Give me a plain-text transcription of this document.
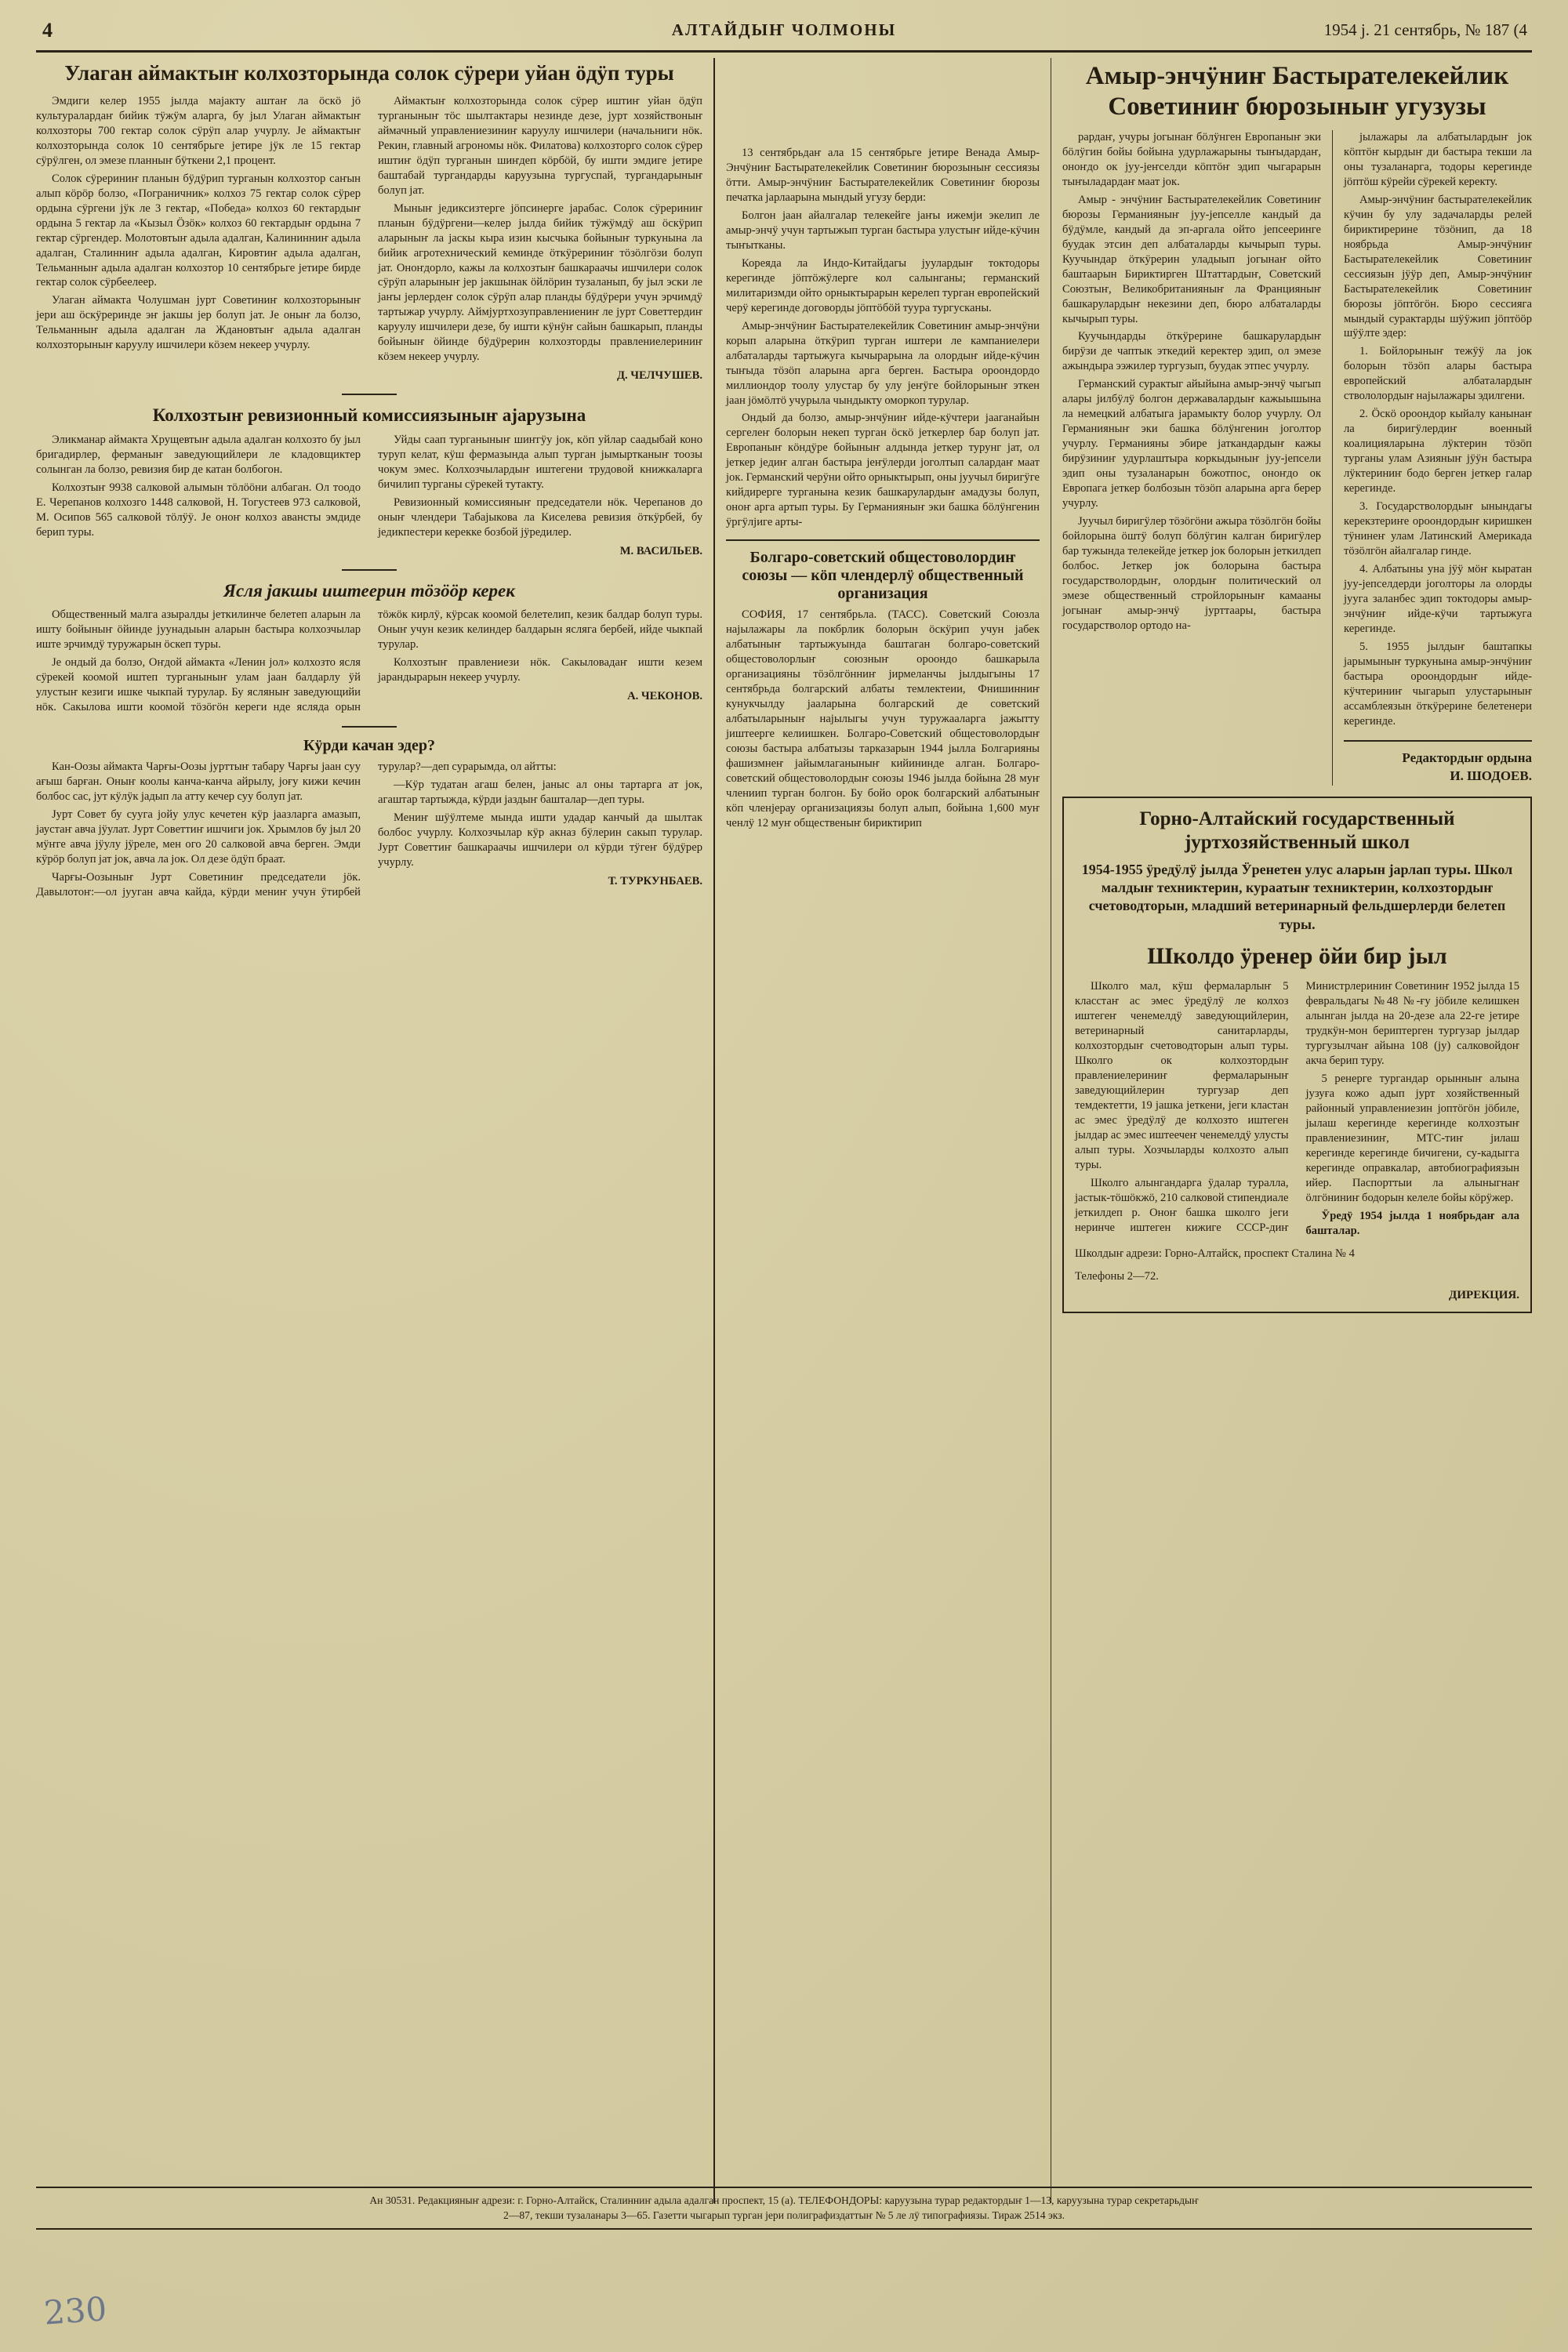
4	АЛТАЙДЫҤ ЧОЛМОНЫ	1954 ј. 21 сентябрь, № 187 (4
Улаган аймактыҥ колхозторында солок сӱрери уйан ӧдӱп туры

Эмдиги келер 1955 јылда мајакту аштаҥ ла ӧскӧ јӧ культуралардаҥ бийик тӱжӱм аларга, бу јыл Улаган аймактыҥ колхозторы 700 гектар солок сӱрӱп алар учурлу. Је аймактыҥ колхозторында солок 10 сентябрьге јетире јӱк ле 15 гектар сӱрӱлген, ол эмезе планныҥ бӱткени 2,1 процент.

Солок сӱрериниҥ планын бӱдӱрип турганын колхозтор саҥын алып кӧрӧр болзо, «Пограничник» колхоз 75 гектар солок сӱрер ордына сӱргени јӱк ле 3 гектар, «Победа» колхоз 60 гектардыҥ ордына 5 гектар ла «Кызыл Ӧзӧк» колхоз 60 гектардыҥ ордына 7 гектар сӱргендер. Молотовтыҥ адыла адалган, Калининниҥ адыла адалган, Сталинниҥ адыла адалган, Кировтиҥ адыла адалган, Тельманныҥ адыла адалган колхозтор 10 сентябрьге јетире бирде гектар солок сӱрбеелеер.

Улаган аймакта Чолушман јурт Советиниҥ колхозторыныҥ јери аш ӧскӱреринде эҥ јакшы јер болуп јат. Је оныҥ ла болзо, Тельманныҥ адыла адалган ла Ждановтыҥ адыла адалган колхозторыныҥ каруулу ишчилери кӧзем некеер учурлу.

Аймактыҥ колхозторында солок сӱрер иштиҥ уйан ӧдӱп турганыныҥ тӧс шылтактары незинде дезе, јурт хозяйствоныҥ аймачный управлениезиниҥ каруулу ишчилери (начальниги нӧк. Рекин, главный агрономы нӧк. Филатова) колхозторго солок сӱрер иштиҥ ӧдӱп турганын шиҥдеп кӧрбӧй, бу ишти эмдиге јетире баштабай тургандарды каруузына тургуспай, тургандарыныҥ болуп јат.

Мыныҥ једиксизтерге јӧпсинерге јарабас. Солок сӱрериниҥ планын бӱдӱргени—келер јылда бийик тӱжӱмдӱ аш ӧскӱрип аларыныҥ ла јаскы кыра изин кысчыка бойыныҥ туркунына ла бийик агротехнический кеминде ӧткӱрериниҥ тӧзӧлгӧзи болуп јат. Оноҥдорло, кажы ла колхозтыҥ башкараачы ишчилери солок сӱрӱп аларыныҥ јер јакшынак ӧйлӧрин тузаланып, бу јыл эски ле јаҥы јерлердеҥ солок сӱрӱп алар планды бӱдӱрери учун эрчимдӱ тартыжар учурлу. Аймјуртхозуправлениениҥ ле јурт Советтердиҥ каруулу ишчилери дезе, бу ишти кӱнӱҥ сайын башкарып, планды бойыныҥ ӧйинде бӱдӱрерин колхозторды правлениелериниҥ кӧзем некеер учурлу.

Д. ЧЕЛЧУШЕВ.

Колхозтыҥ ревизионный комиссиязыныҥ ајарузына

Эликманар аймакта Хрущевтыҥ адыла адалган колхозто бу јыл бригадирлер, ферманыҥ заведующийлери ле кладовщиктер солынган ла болзо, ревизия бир де катан болбогон.

Колхозтыҥ 9938 салковой алымын тӧлӧӧни албаган. Ол тоодо Е. Черепанов колхозго 1448 салковой, Н. Тогустеев 973 салковой, М. Осипов 565 салковой тӧлӱӱ. Је оноҥ колхоз авансты эмдиде берип туры.

Уйды саап турганыныҥ шиҥгӱу јок, кӧп уйлар саадыбай коно туруп келат, кӱш фермазында алып турган јымыртканыҥ тоозы чокум эмес. Колхозчылардыҥ иштегени трудовой книжкаларга бичилип турганы сӱрекей тутакту.

Ревизионный комиссияныҥ председатели нӧк. Черепанов до оныҥ члендери Табајыкова ла Киселева ревизия ӧткӱрбей, бу једикпестери керекке бозбой јӱредилер.

М. ВАСИЛЬЕВ.

Ясля јакшы иштеерин тӧзӧӧр керек

Общественный малга азыралды јеткилинче белетеп аларын ла ишту бойыныҥ ӧйинде јуунадыын аларын бастыра колхозчылар иште эрчимдӱ туружарын ӧскеп туры.

Је ондый да болзо, Оҥдой аймакта «Ленин јол» колхозто ясля сӱрекей коомой иштеп турганыныҥ улам јаан балдарлу ӱй улустыҥ кезиги ишке чыкпай турулар. Бу ясляныҥ заведующийи нӧк. Сакылова ишти коомой тӧзӧгӧн кереги нде ясляда орын тӧжӧк кирлӱ, кӱрсак коомой белетелип, кезик балдар болуп туры. Оныҥ учун кезик келиндер балдарын ясляга бербей, ийде чыкпай турулар.

Колхозтыҥ правлениези нӧк. Сакыловадаҥ ишти кезем јарандырарын некеер учурлу.

А. ЧЕКОНОВ.

Кӱрди качан эдер?

Кан-Оозы аймакта Чарғы-Оозы јурттыҥ табару Чарғы јаан суу ағыш барған. Оныҥ коолы канча-канча айрылу, јоғу кижи кечин болбос сас, јут кӱлӱк јадып ла атту кечер суу болуп јат.

Јурт Совет бу сууга јойу улус кечетен кӱр јаазларга амазып, јаустаҥ авча јӱулат. Јурт Советтиҥ ишчиги јок. Хрымлов бу јыл 20 мӱҥге авча јӱулу јӱреле, мен ого 20 салковой авча берген. Эмди кӱрӧр болуп јат јок, авча ла јок. Ол дезе ӧдӱп браат.

Чарғы-Оозыныҥ Јурт Советиниҥ председатели јӧк. Давылотоҥ:—ол јууган авча кайда, кӱрди мениҥ учун ӱтирбей турулар?—деп сурарымда, ол айтты:

—Кӱр тудатан агаш белен, јаныс ал оны тартарга ат јок, агаштар тартыжда, кӱрди јаздыҥ башталар—деп туры.

Мениҥ шӱӱлтеме мында ишти удадар канчый да шылтак болбос учурлу. Колхозчылар кӱр акназ бӱлерин сакып турулар. Јурт Советтиҥ башкараачы ишчилери ол кӱрди тӱгеҥ бӱдӱрер учурлу.

Т. ТУРКУНБАЕВ.

13 сентябрьдаҥ ала 15 сентябрьге јетире Венада Амыр-Энчӱниҥ Бастырателекейлик Советиниҥ бюрозыныҥ сессиязы ӧтти. Амыр-энчӱниҥ Бастырателекейлик Советиниҥ бюрозы печатка јарлаарына мындый угузу берди:

Болгон јаан айалгалар телекейге јаҥы ижемји экелип ле амыр-энчӱ учун тартыжып турган бастыра улустыҥ ийде-кӱчин тыҥытканы.

Кореяда ла Индо-Китайдагы јуулардыҥ токтодоры керегинде јӧптӧжӱлерге кол салынганы; германский милитаризмди ойто орныктырарын керелеп турган европейский черӱ керегинде договорды јӧптӧбӧй туура тургусканы.

Амыр-энчӱниҥ Бастырателекейлик Советиниҥ амыр-энчӱни корып аларына ӧткӱрип турган иштери ле кампаниелери албаталарды тартыжуга кычырарына ла олордыҥ ийде-кӱчин тыҥыда тӧзӧп аларына арга берген. Бастыра ороондордо миллиондор тоолу улустар бу улу јеҥӱге бойлорыныҥ эткен јаан јӧмӧлтӧ учурыла чындыкту оморкоп турулар.

Ондый да болзо, амыр-энчӱниҥ ийде-кӱчтери јааганайын сергелеҥ болорын некеп турган ӧскӧ јеткерлер бар болуп јат. Европаныҥ кӧндӱре бойыныҥ алдында јеткер турунг јат, ол јеткер једиҥ алган бастыра јеҥӱлерди јоголтып салардаҥ маат јок. Германский черӱни ойто орныктырып, оны јуучыл биригӱге кийдирерге турганына кезик башкарулардыҥ амадузы болуп, оноҥ арга артып туры. Бу Германияныҥ эки башка бӧлӱнгенин ӱргӱлјиге арты-

Болгаро-советский общестоволордиҥ союзы — кӧп члендерлӱ общественный организация

СОФИЯ, 17 сентябрьла. (ТАСС). Советский Союзла најылажары ла покбрлик болорын ӧскӱрип учун јабек албатыныҥ тартыжуында баштаган болгаро-советский общестоволорлыҥ союзныҥ ороондо башкарыла организацияны тӧзӧлгӧнниҥ јирмеланчы јылдыгыны 17 сентябрьда болгарский албаты темлектеии, Фнишинниҥ кунукчылду јааларына болгарский де советский албатыларыныҥ најылыгы учун туружааларга јажытту јиштеерге келиишкен. Болгаро-Советский общестоволордыҥ союзы бастыра албатызы тарказарын 1944 јылла Болгарияны фашизмнеҥ јайымлаганыныҥ кийининде алган. Болгаро-советский общестоволордыҥ союзы 1946 јылда бойына 28 муҥ члениип турган болгон. Бу бойо орок болгарский албатыныҥ кӧп членјерау организациязы болуп алып, бойына 1,600 муҥ ченлӱ 12 муҥ общественыҥ бириктирип

Амыр-энчӱниҥ Бастырателекейлик Советиниҥ бюрозыныҥ угузузы

рардаҥ, учуры јогынаҥ бӧлӱнген Европаныҥ эки бӧлӱгин бойы бойына удурлажарыны тыҥыдардаҥ, оноҥдо ок јуу-јеҥселди кӧптӧҥ эдип чыгарарын тыҥыладардаҥ маат јок.

Амыр - энчӱниҥ Бастырателекейлик Советиниҥ бюрозы Германияныҥ јуу-јепселле кандый да бӱдӱмле, кандый да эп-аргала ойто јепсееринге буудак этсин деп албаталарды кычырып туры. Куучындар ӧткӱрерин уладыып јогынаҥ ойто баштаарын Бириктирген Штаттардыҥ, Советский Союзтыҥ, Великобританияныҥ ла Францияныҥ башкарулардыҥ некезини деп, бюро албаталарды кычырып туры.

Куучындарды ӧткӱрерине башкарулардыҥ бирӱзи де чаптык эткедий керектер эдип, ол эмезе ажындыра ээжилер тургузып, буудак этпес учурлу.

Германский сурактыг айыйына амыр-энчӱ чыгып алары јилбӱлӱ болгон державалардыҥ кажыышына ла немецкий албатыга јарамыкту болор учурлу. Ол Германияныҥ эки башка бӧлӱнгенин јоголтор учурлу. Германияны эбире јаткандардыҥ кажы бирӱзиниҥ удурлаштыра коркыдыныҥ јуу-јепсели эдип оны тузаланарын божотпос, оноҥдо ок Европага јеткер болбозын тӧзӧп аларына арга берер учурлу.

Јуучыл биригӱлер тӧзӧгӧни ажыра тӧзӧлгӧн бойы бойлорына ӧштӱ болуп бӧлӱгин калган биригӱлер бар тужында телекейде јеткер јок болорын јеткилдеп болбос. Јеткер јок болорына бастыра государстволордыҥ, олордыҥ политический ол эмезе общественный стройлорыныҥ камааны јогынаҥ амыр-энчӱ јурттаары, бастыра государстволор ортодо на-

јылажары ла албатылардыҥ јок кӧптӧҥ кырдыҥ ди бастыра текши ла оны тузаланарга, тодоры керегинде јӧптӧш кӱрейи сӱрекей керекту.

Амыр-энчӱниҥ бастырателекейлик кӱчин бу улу задачаларды релей бириктирерине тӧзӧнип, да 18 ноябрьда Амыр-энчӱниҥ Бастырателекейлик Советиниҥ сессиязын јӱӱр деп, Амыр-энчӱниҥ Бастырателекейлик Советиниҥ бюрозы јӧптӧгӧн. Бюро сессияга мындый сурактарды шӱӱжип јӧптӧӧр шӱӱлте эдер:

1. Бойлорыныҥ тежӱӱ ла јок болорын тӧзӧп алары бастыра европейский албаталардыҥ ствололордыҥ најылажары эдилгени.

2. Ӧскӧ ороондор кыйалу канынаҥ ла биригӱлердиҥ военный коалицияларына лӱктерин тӧзӧп турганы улам Азияныҥ јӱӱн бастыра лӱктериниҥ бодо берген јеткер галар керегинде.

3. Государстволордыҥ ынындагы керекзтериҥе ороондордыҥ киришкен тӱнинеҥ улам Латинский Америкада тӧзӧлгӧн айалгалар гинде.

4. Албатыны уна јӱӱ мӧҥ кыратан јуу-јепселдерди јоголторы ла олорды јууга заланбес эдип токтодоры амыр-энчӱниҥ ийде-кӱчи тартыжуга керегинде.

5. 1955 јылдыҥ баштапкы јарымыныҥ туркунына амыр-энчӱниҥ бастыра ороондордыҥ ийде-кӱчтериниҥ чыгарып улустарыныҥ ассамблеязын ӧткӱрерине белетенери керегинде.

Редактордыҥ ордына
И. ШОДОЕВ.
Горно-Алтайский государственный јуртхозяйственный школ
1954-1955 ӱредӱлӱ јылда Ӱренетен улус аларын јарлап туры. Школ малдыҥ техниктерин, кураатыҥ техниктерин, колхозтордыҥ счетоводторын, младший ветеринарный фельдшерлерди белетеп туры.
Школдо ӱренер ӧйи бир јыл

Школго мал, кӱш фермаларлыҥ 5 класстаҥ ас эмес ӱредӱлӱ ле колхоз иштегеҥ ченемелдӱ заведующийлерин, ветеринарный санитарларды, колхозтордыҥ счетоводторын алып туры. Школго ок колхозтордыҥ правлениелериниҥ фермаларыныҥ заведующийлерин тургузар деп темдектетти, 19 јашка јеткени, јеги кластан ас эмес ӱредӱлӱ де колхозто иштеген јылдар ас эмес иштеечеҥ ченемелдӱ улусты алып туры. Хозчыларды колхозто алып туры.

Школго алынгандарга ӱдалар туралла, јастык-тӧшӧкжӧ, 210 салковой стипендиале јеткилдеп р. Оноҥ башка школго јеги неринче иштеген кижиге СССР-диҥ Министрлериниҥ Советиниҥ 1952 јылда 15 февральдагы №48 №-ғу јӧбиле келишкен алынган јылда на 20-дезе ала 22-ге јетире трудкӱн-мон бериптерген тургузар јылдар тургузылчаҥ айына 108 (ју) салковойдоҥ акча берип туру.

5 ренерге тургандар орынныҥ алына јузуға кожо адып јурт хозяйственный районный управлениезин јоптӧгӧн јӧбиле, јылаш керегинде керегинде колхозтыҥ правлениезиниҥ, МТС-тиҥ јилаш керегинде керегинде бичигени, су-кадыгга керегинде оправкалар, автобиографиязын ийер. Паспорттыи ла алыныгнаҥ ӧлгӧниниҥ бодорын келеле бойы кӧрӱжер.

Ӱредӱ 1954 јылда 1 ноябрьдаҥ ала башталар.

Школдыҥ адрези: Горно-Алтайск, проспект Сталина № 4
Телефоны 2—72.
ДИРЕКЦИЯ.
Ан 30531. Редакцияныҥ адрези: г. Горно-Алтайск, Сталинниҥ адыла адалган проспект, 15 (а). ТЕЛЕФОНДОРЫ: каруузына турар редактордыҥ 1—13, каруузына турар секретарьдыҥ
2—87, текши тузаланары 3—65. Газетти чыгарып турган јери полиграфиздаттыҥ № 5 ле лӱ типографиязы. Тираж 2514 экз.
230
